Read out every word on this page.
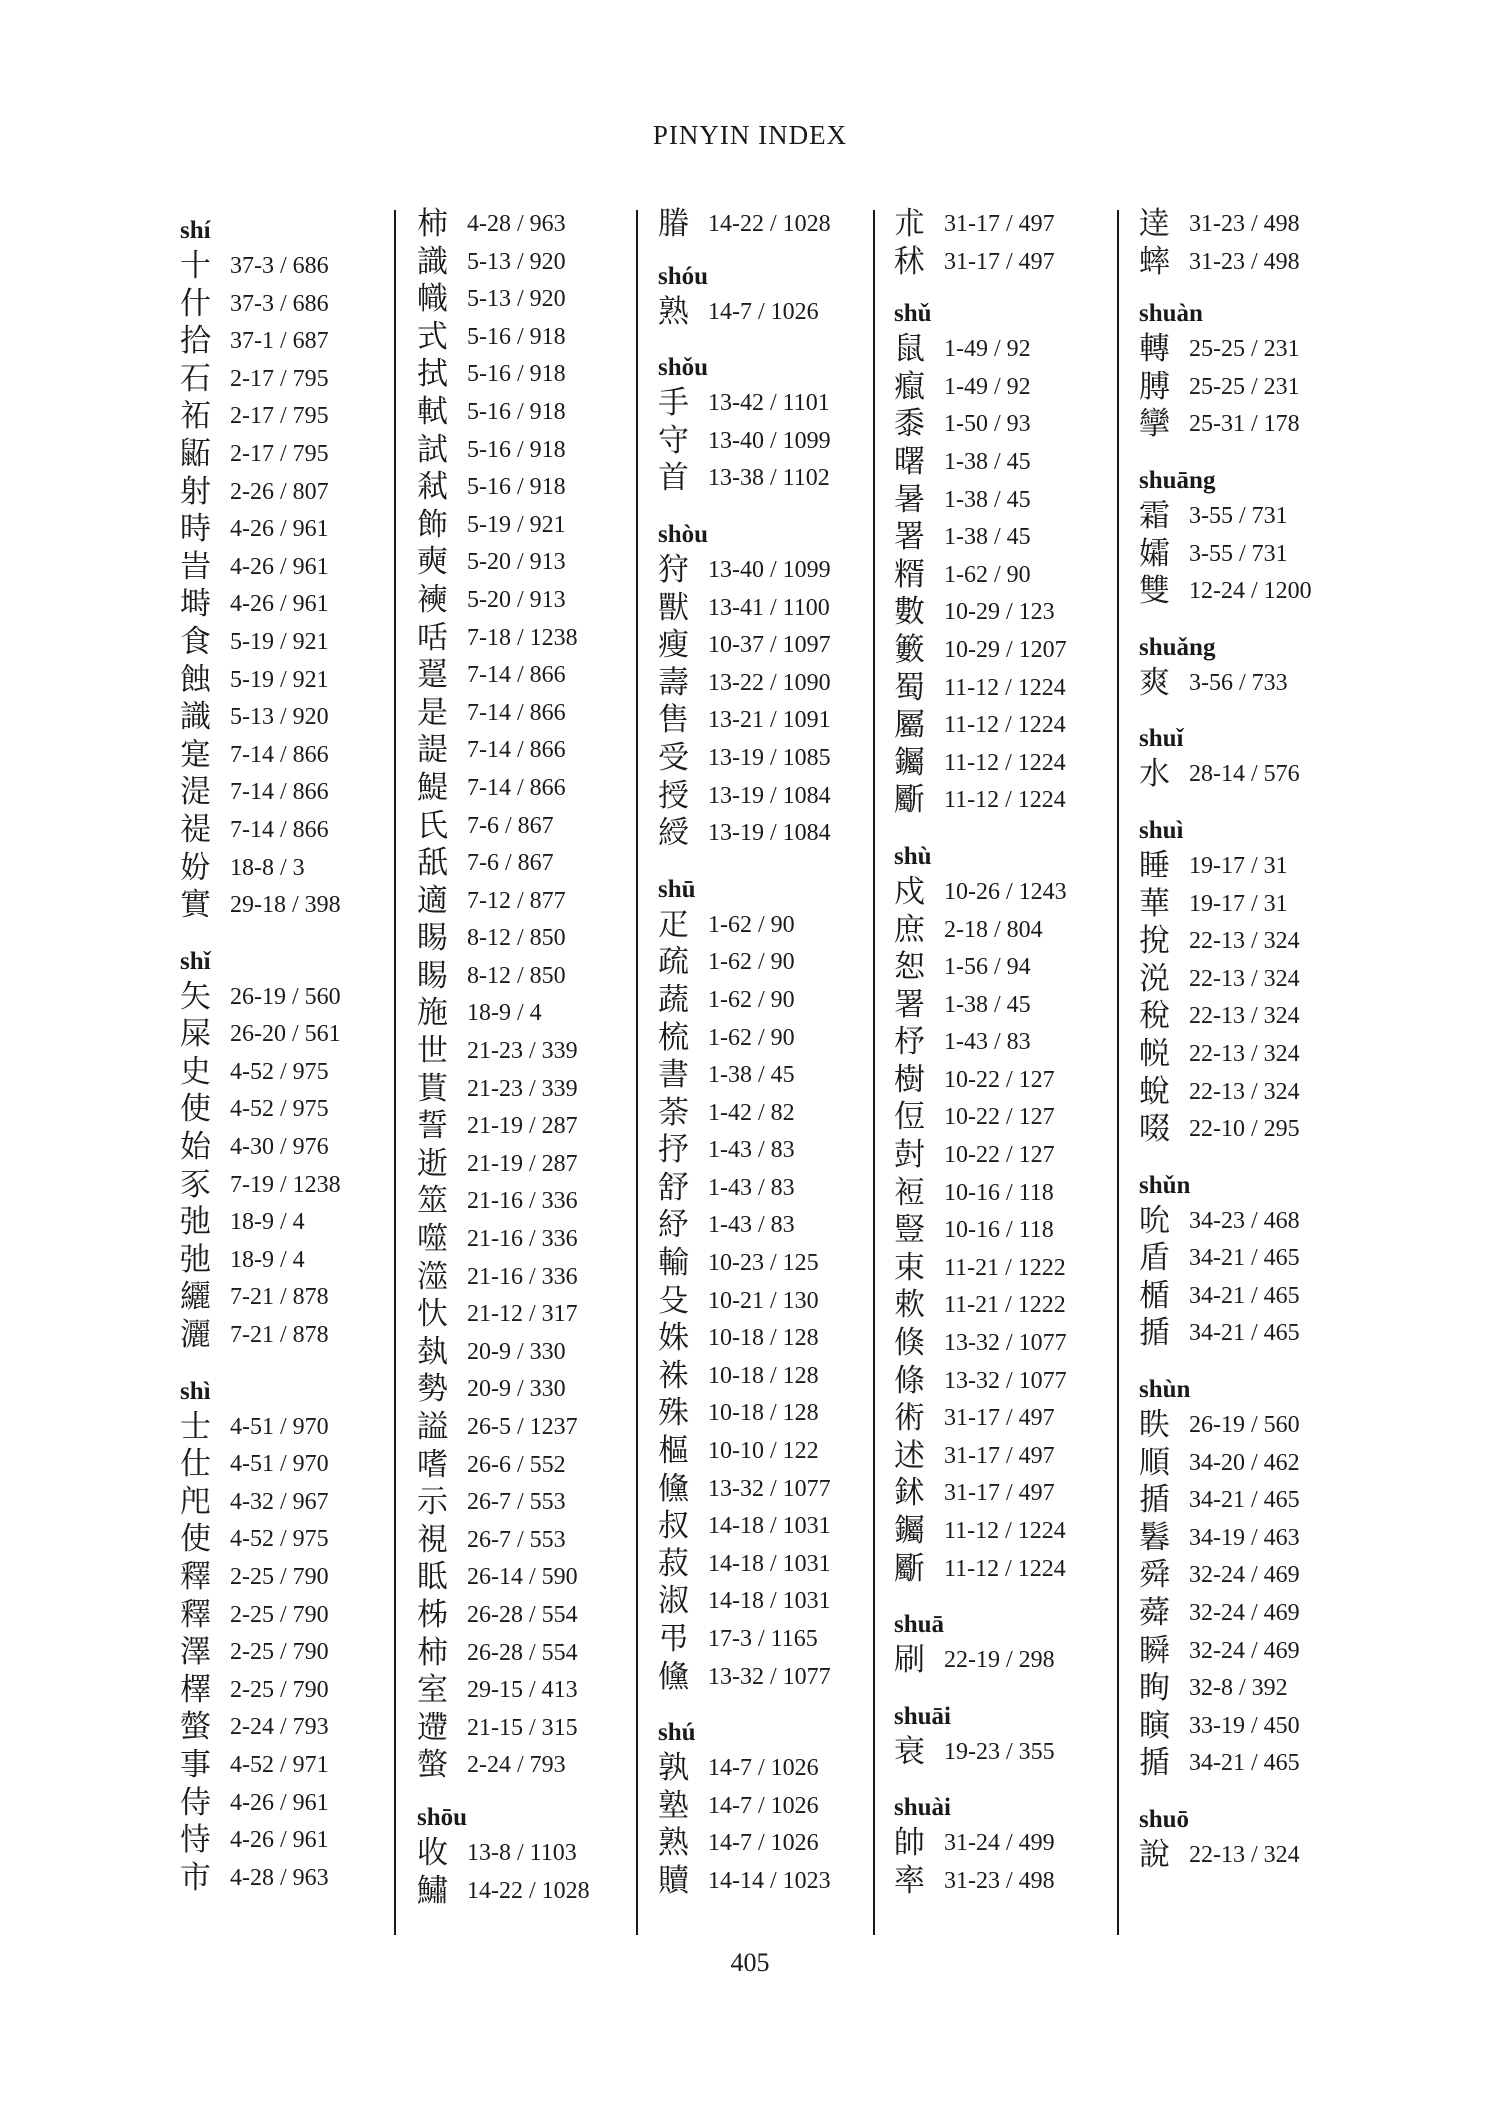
PINYIN INDEX
shí
十 37-3 / 686
什 37-3 / 686
拾 37-1 / 687
石 2-17 / 795
祏 2-17 / 795
鼫 2-17 / 795
射 2-26 / 807
時 4-26 / 961
旹 4-26 / 961
塒 4-26 / 961
食 5-19 / 921
蝕 5-19 / 921
識 5-13 / 920
寔 7-14 / 866
湜 7-14 / 866
禔 7-14 / 866
妢 18-8 / 3
實 29-18 / 398
shǐ
矢 26-19 / 560
屎 26-20 / 561
史 4-52 / 975
使 4-52 / 975
始 4-30 / 976
豕 7-19 / 1238
弛 18-9 / 4
弛 18-9 / 4
纚 7-21 / 878
灑 7-21 / 878
shì
士 4-51 / 970
仕 4-51 / 970
戺 4-32 / 967
使 4-52 / 975
釋 2-25 / 790
釋 2-25 / 790
澤 2-25 / 790
檡 2-25 / 790
螫 2-24 / 793
事 4-52 / 971
侍 4-26 / 961
恃 4-26 / 961
市 4-28 / 963
柿 4-28 / 963
識 5-13 / 920
幟 5-13 / 920
式 5-16 / 918
拭 5-16 / 918
軾 5-16 / 918
試 5-16 / 918
弒 5-16 / 918
飾 5-19 / 921
奭 5-20 / 913
襫 5-20 / 913
咶 7-18 / 1238
翨 7-14 / 866
是 7-14 / 866
諟 7-14 / 866
鯷 7-14 / 866
氏 7-6 / 867
舐 7-6 / 867
適 7-12 / 877
睗 8-12 / 850
睗 8-12 / 850
施 18-9 / 4
世 21-23 / 339
貰 21-23 / 339
誓 21-19 / 287
逝 21-19 / 287
筮 21-16 / 336
噬 21-16 / 336
澨 21-16 / 336
忕 21-12 / 317
埶 20-9 / 330
勢 20-9 / 330
謚 26-5 / 1237
嗜 26-6 / 552
示 26-7 / 553
視 26-7 / 553
眡 26-14 / 590
柹 26-28 / 554
柿 26-28 / 554
室 29-15 / 413
遰 21-15 / 315
螫 2-24 / 793
shōu
收 13-8 / 1103
鱐 14-22 / 1028
膡 14-22 / 1028
shóu
熟 14-7 / 1026
shǒu
手 13-42 / 1101
守 13-40 / 1099
首 13-38 / 1102
shòu
狩 13-40 / 1099
獸 13-41 / 1100
瘦 10-37 / 1097
壽 13-22 / 1090
售 13-21 / 1091
受 13-19 / 1085
授 13-19 / 1084
綬 13-19 / 1084
shū
疋 1-62 / 90
疏 1-62 / 90
蔬 1-62 / 90
梳 1-62 / 90
書 1-38 / 45
荼 1-42 / 82
抒 1-43 / 83
舒 1-43 / 83
紓 1-43 / 83
輸 10-23 / 125
殳 10-21 / 130
姝 10-18 / 128
袾 10-18 / 128
殊 10-18 / 128
樞 10-10 / 122
儵 13-32 / 1077
叔 14-18 / 1031
菽 14-18 / 1031
淑 14-18 / 1031
弔 17-3 / 1165
儵 13-32 / 1077
shú
孰 14-7 / 1026
塾 14-7 / 1026
熟 14-7 / 1026
贖 14-14 / 1023
朮 31-17 / 497
秫 31-17 / 497
shǔ
鼠 1-49 / 92
癙 1-49 / 92
黍 1-50 / 93
曙 1-38 / 45
暑 1-38 / 45
署 1-38 / 45
糈 1-62 / 90
數 10-29 / 123
籔 10-29 / 1207
蜀 11-12 / 1224
屬 11-12 / 1224
钃 11-12 / 1224
斸 11-12 / 1224
shù
戍 10-26 / 1243
庶 2-18 / 804
恕 1-56 / 94
署 1-38 / 45
杼 1-43 / 83
樹 10-22 / 127
侸 10-22 / 127
尌 10-22 / 127
裋 10-16 / 118
豎 10-16 / 118
束 11-21 / 1222
欶 11-21 / 1222
倏 13-32 / 1077
條 13-32 / 1077
術 31-17 / 497
述 31-17 / 497
鉥 31-17 / 497
钃 11-12 / 1224
斸 11-12 / 1224
shuā
刷 22-19 / 298
shuāi
衰 19-23 / 355
shuài
帥 31-24 / 499
率 31-23 / 498
逹 31-23 / 498
蟀 31-23 / 498
shuàn
轉 25-25 / 231
膊 25-25 / 231
攣 25-31 / 178
shuāng
霜 3-55 / 731
孀 3-55 / 731
雙 12-24 / 1200
shuǎng
爽 3-56 / 733
shuǐ
水 28-14 / 576
shuì
睡 19-17 / 31
華 19-17 / 31
挩 22-13 / 324
涚 22-13 / 324
稅 22-13 / 324
帨 22-13 / 324
蛻 22-13 / 324
啜 22-10 / 295
shǔn
吮 34-23 / 468
盾 34-21 / 465
楯 34-21 / 465
揗 34-21 / 465
shùn
眣 26-19 / 560
順 34-20 / 462
揗 34-21 / 465
鬊 34-19 / 463
舜 32-24 / 469
蕣 32-24 / 469
瞬 32-24 / 469
眴 32-8 / 392
瞚 33-19 / 450
揗 34-21 / 465
shuō
說 22-13 / 324
405
